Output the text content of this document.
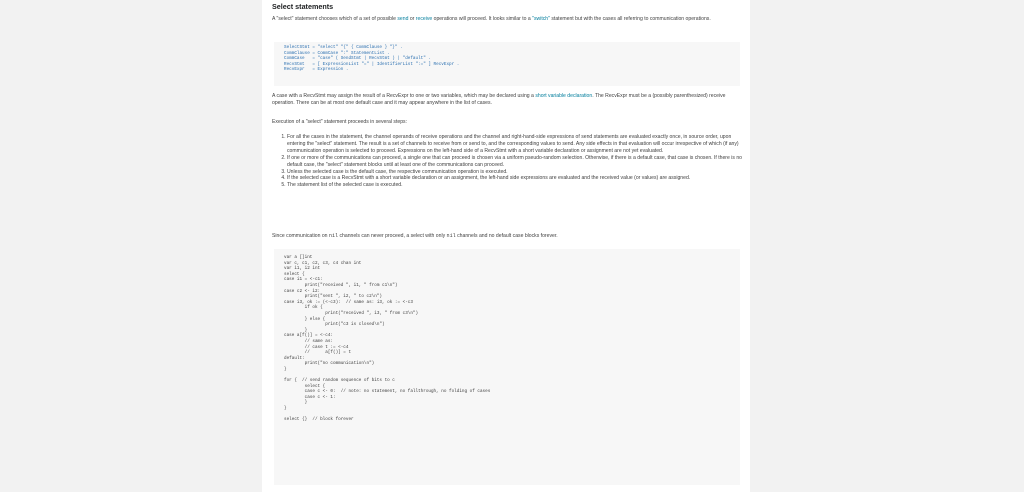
Select statements

A "select" statement chooses which of a set of possible send or receive operations will proceed. It looks similar to a "switch" statement but with the cases all referring to communication operations.

SelectStmt = "select" "{" { CommClause } "}" .
CommClause = CommCase ":" StatementList .
CommCase   = "case" ( SendStmt | RecvStmt ) | "default" .
RecvStmt   = [ ExpressionList "=" | IdentifierList ":=" ] RecvExpr .
RecvExpr   = Expression .

A case with a RecvStmt may assign the result of a RecvExpr to one or two variables, which may be declared using a short variable declaration. The RecvExpr must be a (possibly parenthesized) receive operation. There can be at most one default case and it may appear anywhere in the list of cases.

Execution of a "select" statement proceeds in several steps:

1. For all the cases in the statement, the channel operands of receive operations and the channel and right-hand-side expressions of send statements are evaluated exactly once, in source order, upon entering the "select" statement. The result is a set of channels to receive from or send to, and the corresponding values to send. Any side effects in that evaluation will occur irrespective of which (if any) communication operation is selected to proceed. Expressions on the left-hand side of a RecvStmt with a short variable declaration or assignment are not yet evaluated.
2. If one or more of the communications can proceed, a single one that can proceed is chosen via a uniform pseudo-random selection. Otherwise, if there is a default case, that case is chosen. If there is no default case, the "select" statement blocks until at least one of the communications can proceed.
3. Unless the selected case is the default case, the respective communication operation is executed.
4. If the selected case is a RecvStmt with a short variable declaration or an assignment, the left-hand side expressions are evaluated and the received value (or values) are assigned.
5. The statement list of the selected case is executed.

Since communication on nil channels can never proceed, a select with only nil channels and no default case blocks forever.

var a []int
var c, c1, c2, c3, c4 chan int
var i1, i2 int
select {
case i1 = <-c1:
print("received ", i1, " from c1\n")
case c2 <- i2:
print("sent ", i2, " to c2\n")
case i3, ok := (<-c3):  // same as: i3, ok := <-c3
if ok {
print("received ", i3, " from c3\n")
} else {
print("c3 is closed\n")
}
case a[f()] = <-c4:
// same as:
// case t := <-c4
//      a[f()] = t
default:
print("no communication\n")
}

for {  // send random sequence of bits to c
select {
case c <- 0:  // note: no statement, no fallthrough, no folding of cases
case c <- 1:
}
}

select {}  // block forever
